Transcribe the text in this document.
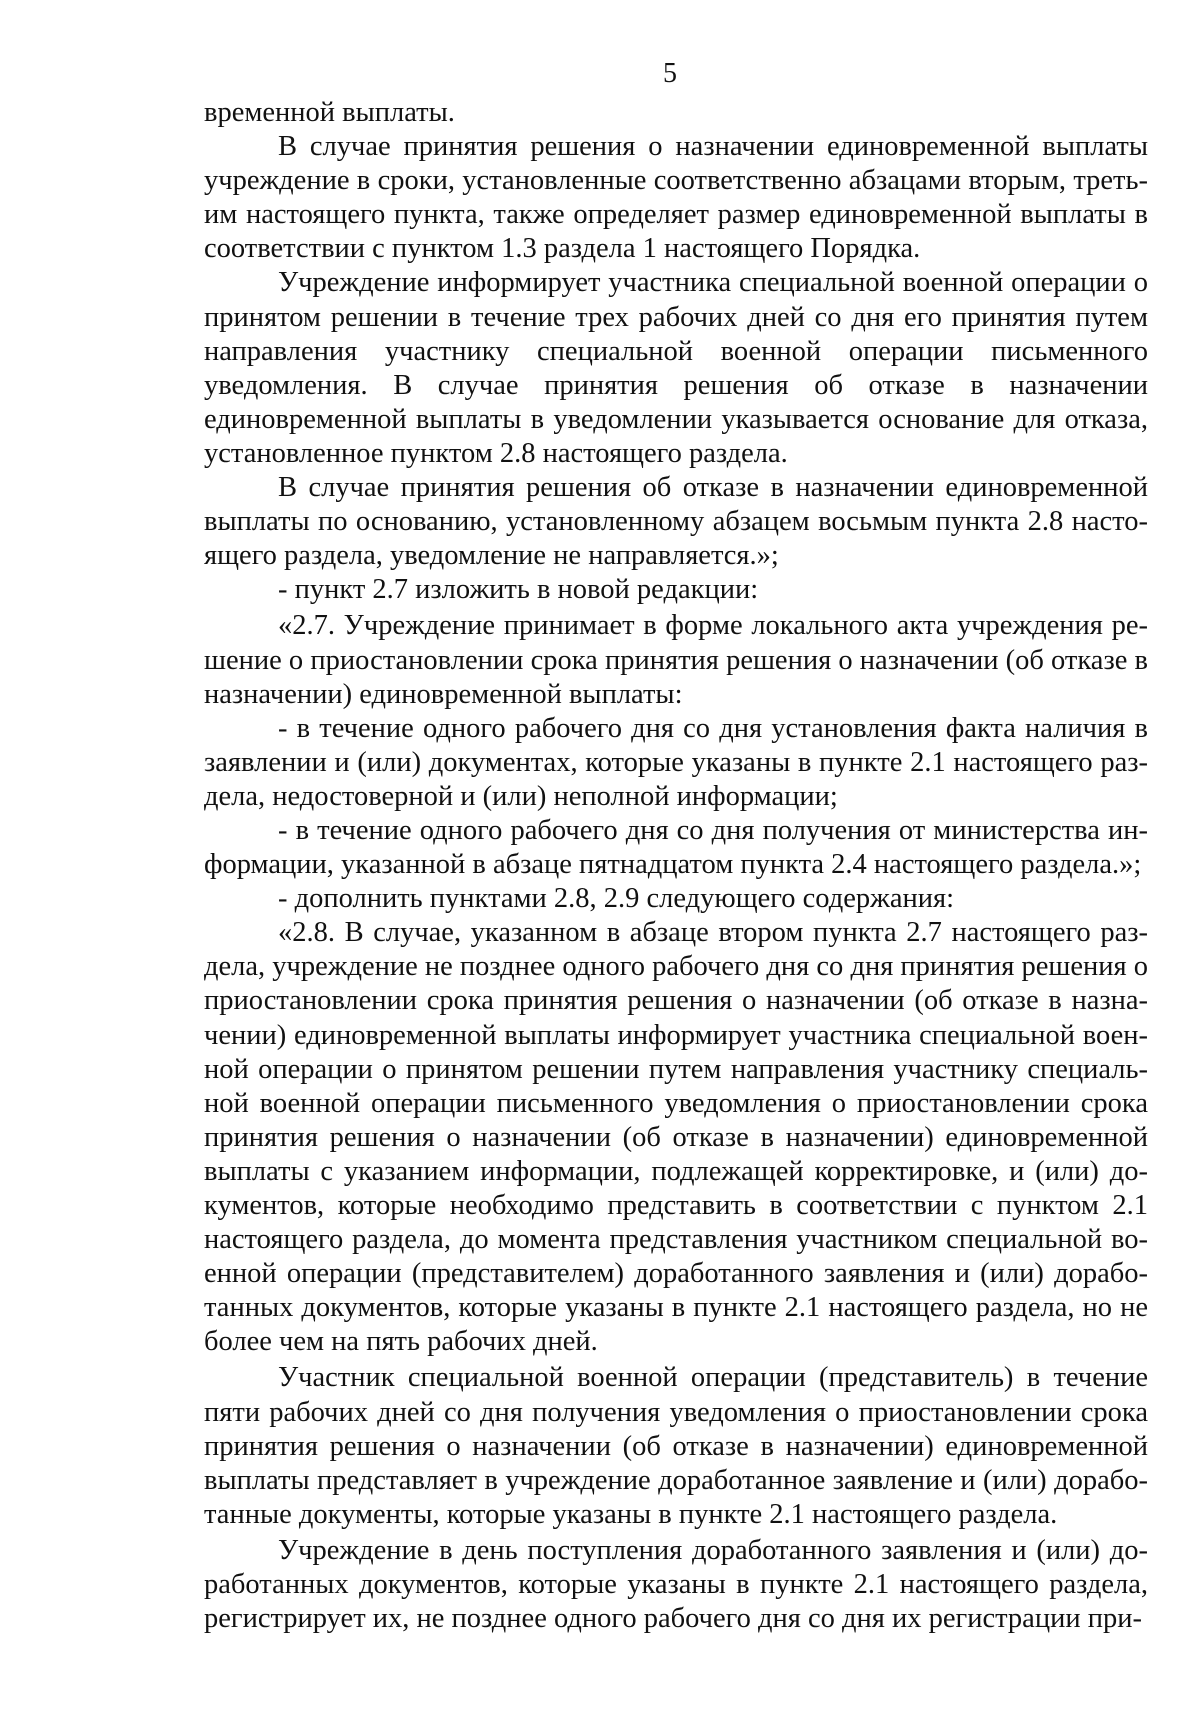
5

временной выплаты.

В случае принятия решения о назначении единовременной выплаты учреждение в сроки, установленные соответственно абзацами вторым, третьим настоящего пункта, также определяет размер единовременной выплаты в соответствии с пунктом 1.3 раздела 1 настоящего Порядка.

Учреждение информирует участника специальной военной операции о принятом решении в течение трех рабочих дней со дня его принятия путем направления участнику специальной военной операции письменного уведомления. В случае принятия решения об отказе в назначении единовременной выплаты в уведомлении указывается основание для отказа, установленное пунктом 2.8 настоящего раздела.

В случае принятия решения об отказе в назначении единовременной выплаты по основанию, установленному абзацем восьмым пункта 2.8 настоящего раздела, уведомление не направляется.»;

- пункт 2.7 изложить в новой редакции:

«2.7. Учреждение принимает в форме локального акта учреждения решение о приостановлении срока принятия решения о назначении (об отказе в назначении) единовременной выплаты:

- в течение одного рабочего дня со дня установления факта наличия в заявлении и (или) документах, которые указаны в пункте 2.1 настоящего раздела, недостоверной и (или) неполной информации;

- в течение одного рабочего дня со дня получения от министерства информации, указанной в абзаце пятнадцатом пункта 2.4 настоящего раздела.»;

- дополнить пунктами 2.8, 2.9 следующего содержания:

«2.8. В случае, указанном в абзаце втором пункта 2.7 настоящего раздела, учреждение не позднее одного рабочего дня со дня принятия решения о приостановлении срока принятия решения о назначении (об отказе в назначении) единовременной выплаты информирует участника специальной военной операции о принятом решении путем направления участнику специальной военной операции письменного уведомления о приостановлении срока принятия решения о назначении (об отказе в назначении) единовременной выплаты с указанием информации, подлежащей корректировке, и (или) документов, которые необходимо представить в соответствии с пунктом 2.1 настоящего раздела, до момента представления участником специальной военной операции (представителем) доработанного заявления и (или) доработанных документов, которые указаны в пункте 2.1 настоящего раздела, но не более чем на пять рабочих дней.

Участник специальной военной операции (представитель) в течение пяти рабочих дней со дня получения уведомления о приостановлении срока принятия решения о назначении (об отказе в назначении) единовременной выплаты представляет в учреждение доработанное заявление и (или) доработанные документы, которые указаны в пункте 2.1 настоящего раздела.

Учреждение в день поступления доработанного заявления и (или) доработанных документов, которые указаны в пункте 2.1 настоящего раздела, регистрирует их, не позднее одного рабочего дня со дня их регистрации при-
